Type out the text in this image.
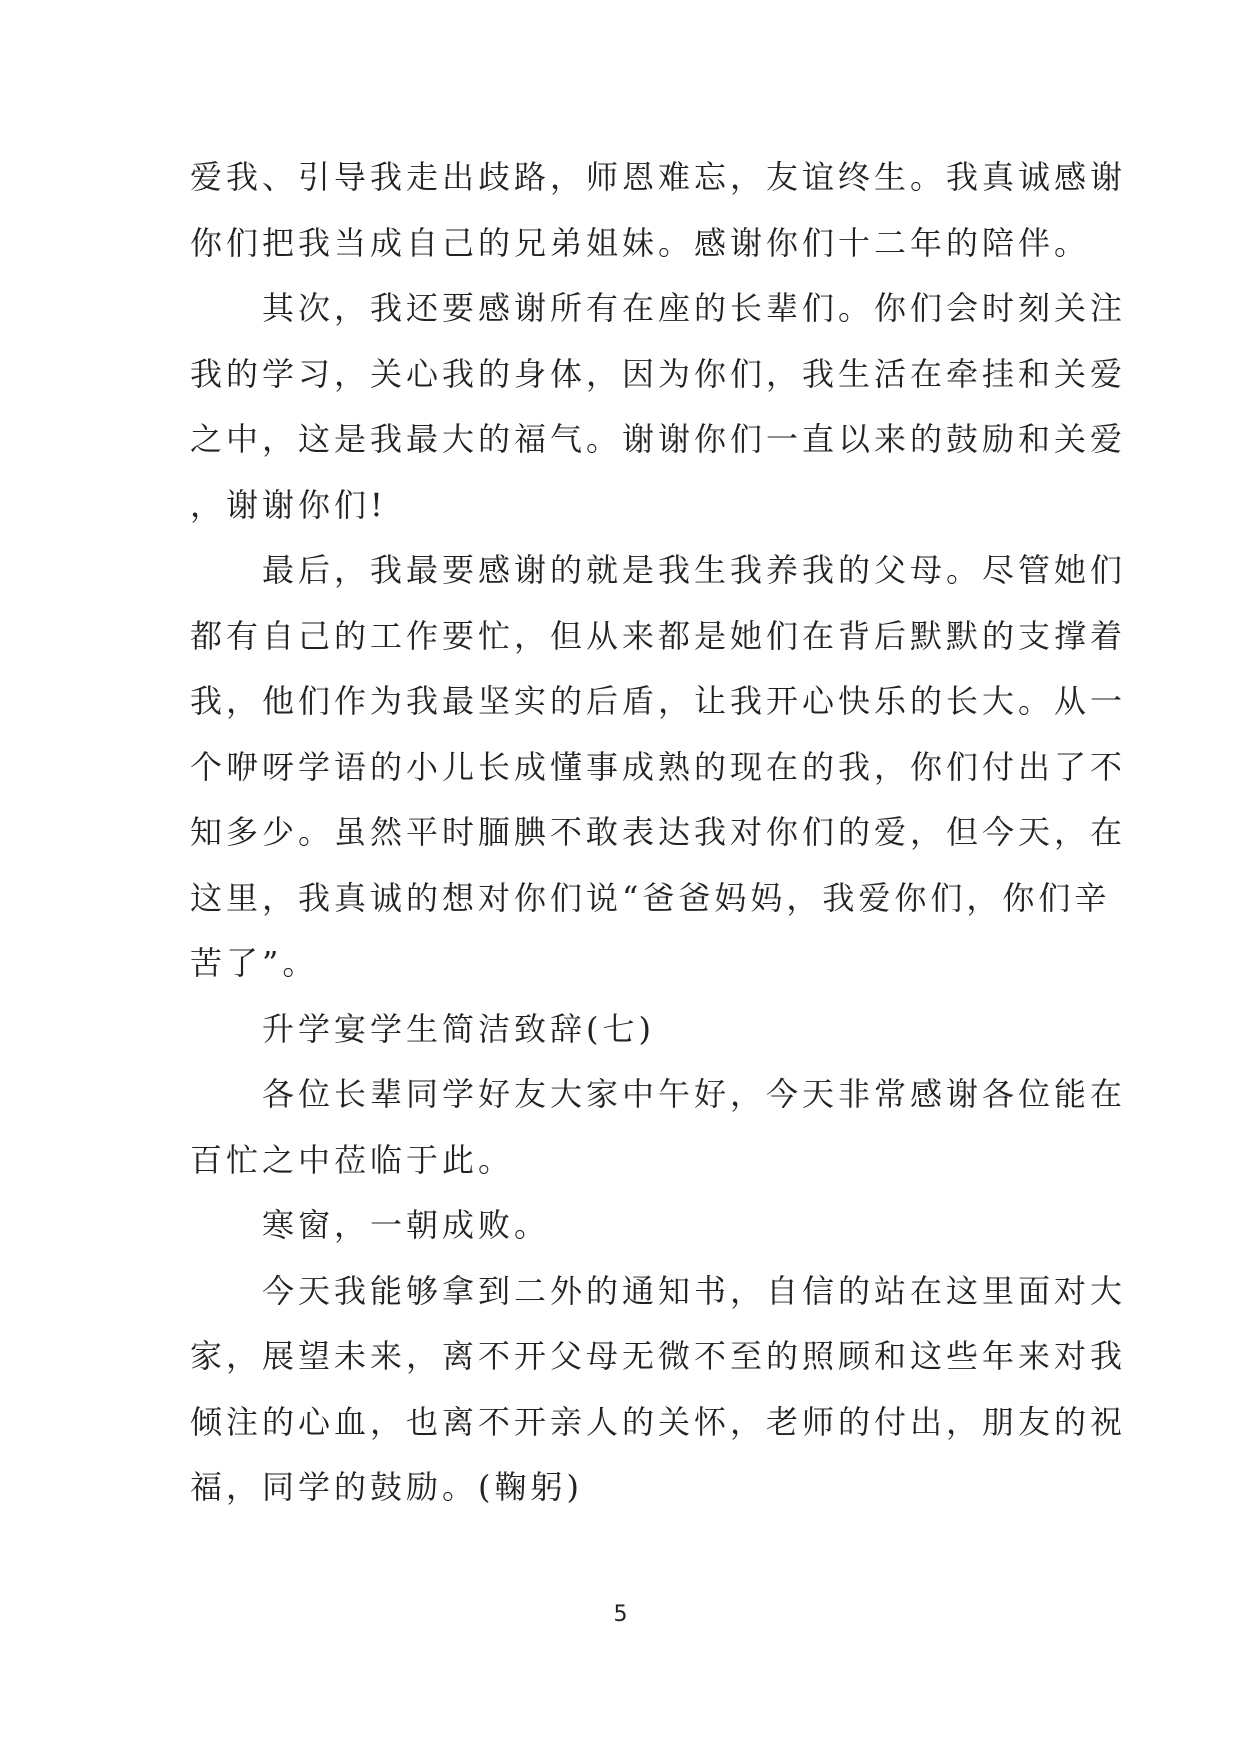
爱我、引导我走出歧路，师恩难忘，友谊终生。我真诚感谢
你们把我当成自己的兄弟姐妹。感谢你们十二年的陪伴。
其次，我还要感谢所有在座的长辈们。你们会时刻关注
我的学习，关心我的身体，因为你们，我生活在牵挂和关爱
之中，这是我最大的福气。谢谢你们一直以来的鼓励和关爱
，谢谢你们!
最后，我最要感谢的就是我生我养我的父母。尽管她们
都有自己的工作要忙，但从来都是她们在背后默默的支撑着
我，他们作为我最坚实的后盾，让我开心快乐的长大。从一
个咿呀学语的小儿长成懂事成熟的现在的我，你们付出了不
知多少。虽然平时腼腆不敢表达我对你们的爱，但今天，在
这里，我真诚的想对你们说“爸爸妈妈，我爱你们，你们辛
苦了”。
升学宴学生简洁致辞(七)
各位长辈同学好友大家中午好，今天非常感谢各位能在
百忙之中莅临于此。
寒窗，一朝成败。
今天我能够拿到二外的通知书，自信的站在这里面对大
家，展望未来，离不开父母无微不至的照顾和这些年来对我
倾注的心血，也离不开亲人的关怀，老师的付出，朋友的祝
福，同学的鼓励。(鞠躬)
5
